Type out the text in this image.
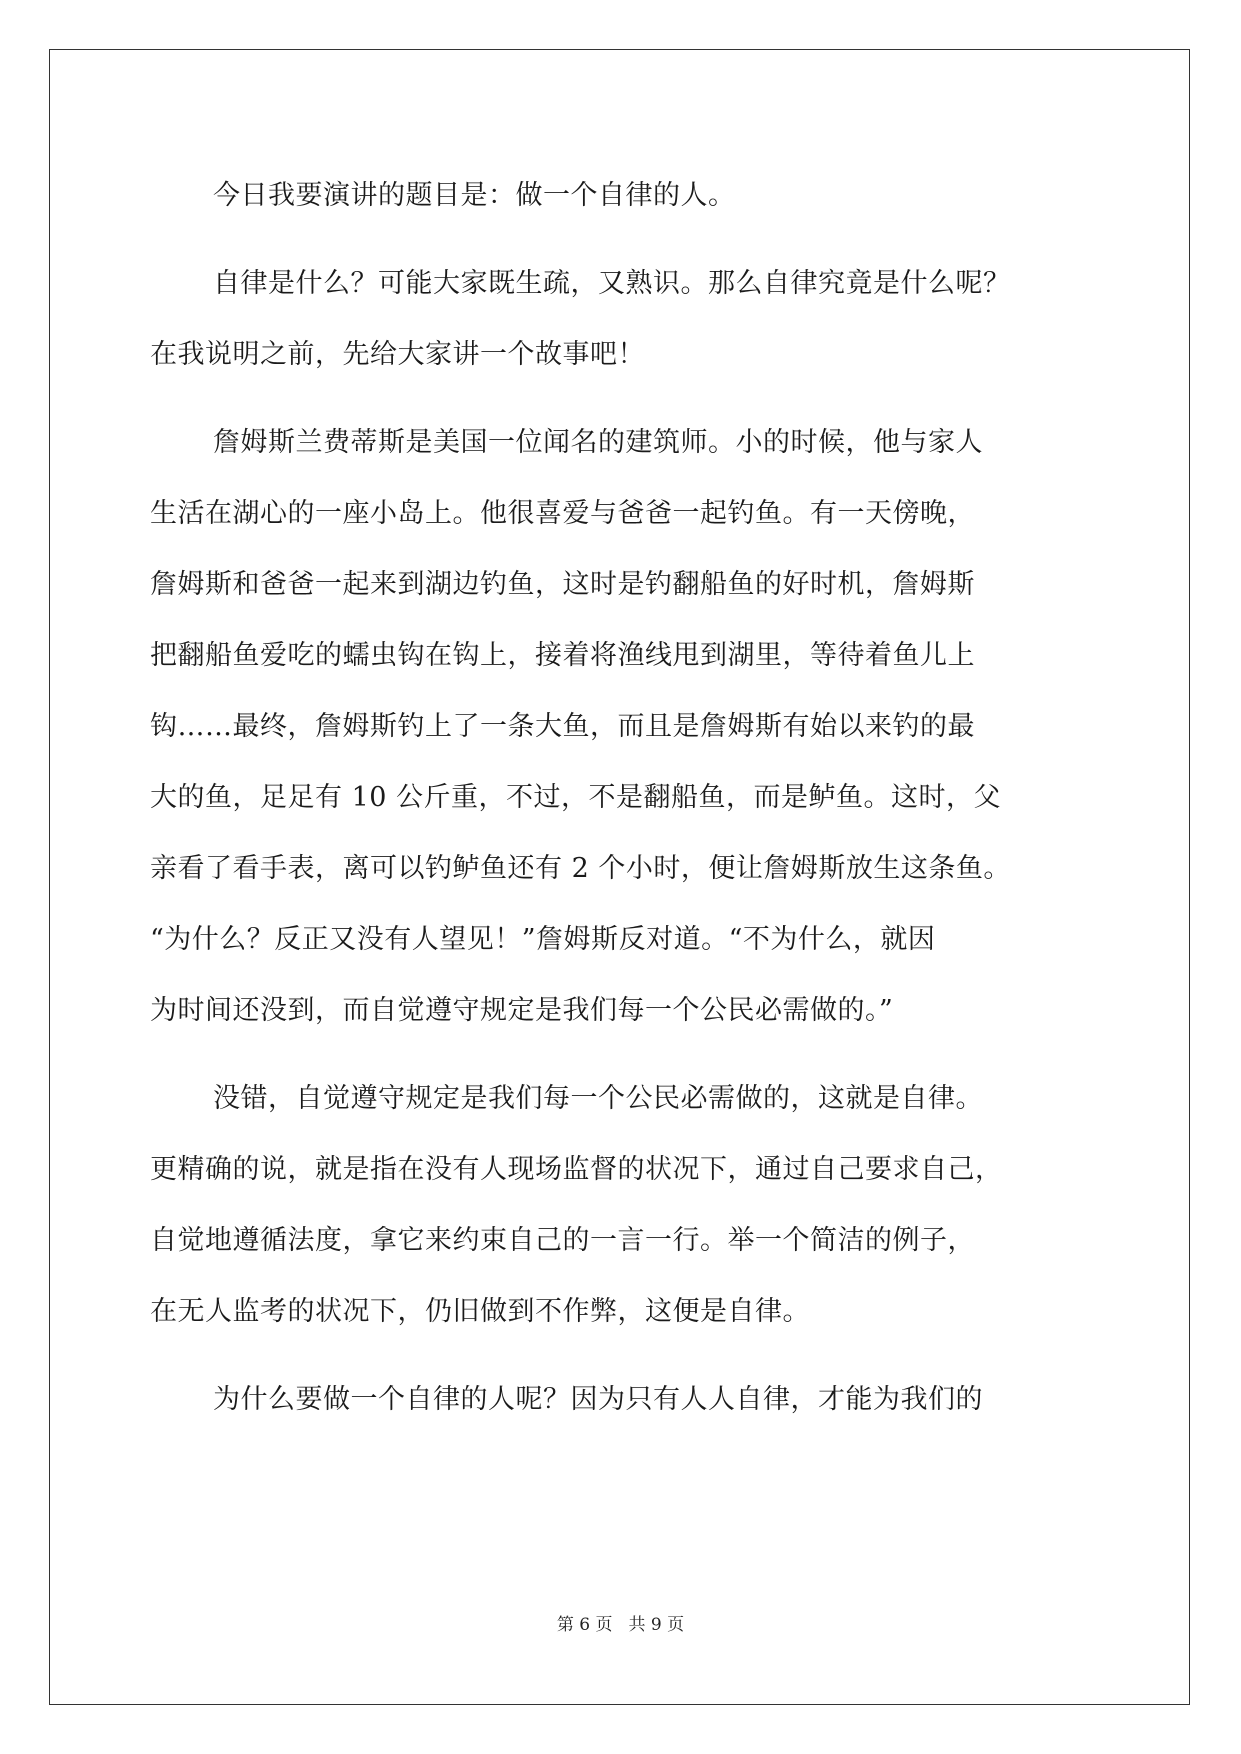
今日我要演讲的题目是：做一个自律的人。
自律是什么？可能大家既生疏，又熟识。那么自律究竟是什么呢？
在我说明之前，先给大家讲一个故事吧！
詹姆斯兰费蒂斯是美国一位闻名的建筑师。小的时候，他与家人
生活在湖心的一座小岛上。他很喜爱与爸爸一起钓鱼。有一天傍晚，
詹姆斯和爸爸一起来到湖边钓鱼，这时是钓翻船鱼的好时机，詹姆斯
把翻船鱼爱吃的蠕虫钩在钩上，接着将渔线甩到湖里，等待着鱼儿上
钩……最终，詹姆斯钓上了一条大鱼，而且是詹姆斯有始以来钓的最
大的鱼，足足有 10 公斤重，不过，不是翻船鱼，而是鲈鱼。这时，父
亲看了看手表，离可以钓鲈鱼还有 2 个小时，便让詹姆斯放生这条鱼。
“为什么？反正又没有人望见！”詹姆斯反对道。“不为什么，就因
为时间还没到，而自觉遵守规定是我们每一个公民必需做的。”
没错，自觉遵守规定是我们每一个公民必需做的，这就是自律。
更精确的说，就是指在没有人现场监督的状况下，通过自己要求自己，
自觉地遵循法度，拿它来约束自己的一言一行。举一个简洁的例子，
在无人监考的状况下，仍旧做到不作弊，这便是自律。
为什么要做一个自律的人呢？因为只有人人自律，才能为我们的
第 6 页 共 9 页
